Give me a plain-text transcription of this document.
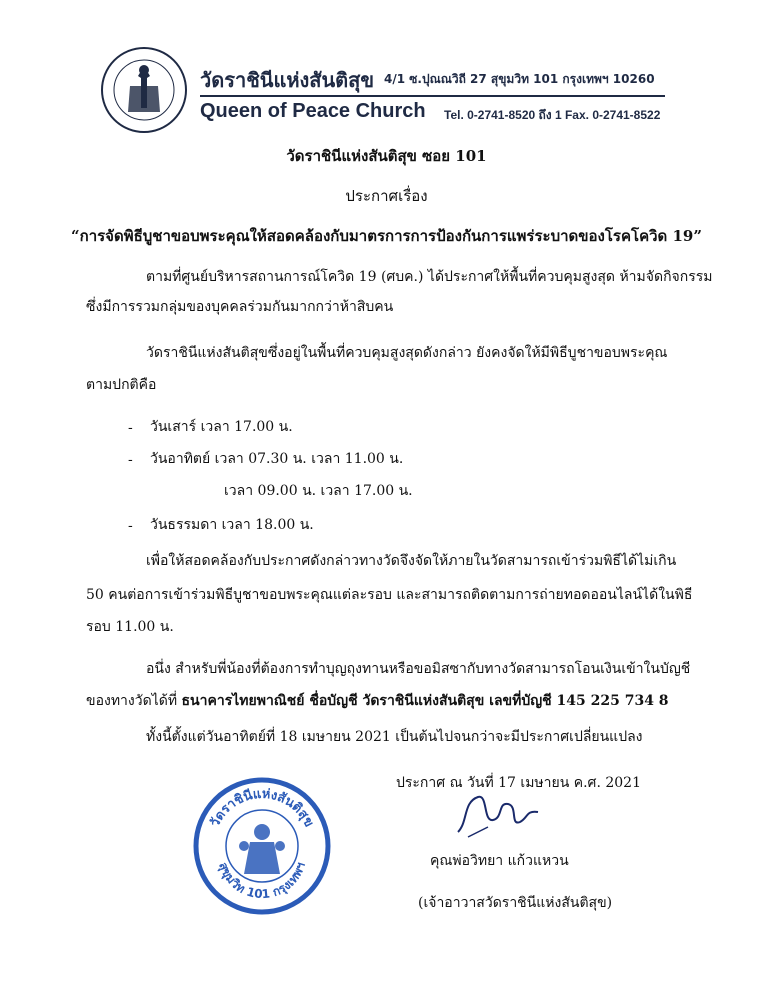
วัดราชินีแห่งสันติสุข 4/1 ซ.ปุณณวิถี 27 สุขุมวิท 101 กรุงเทพฯ 10260
Queen of Peace Church Tel. 0-2741-8520 ถึง 1 Fax. 0-2741-8522
วัดราชินีแห่งสันติสุข ซอย 101
ประกาศเรื่อง
“การจัดพิธีบูชาขอบพระคุณให้สอดคล้องกับมาตรการการป้องกันการแพร่ระบาดของโรคโควิด 19”
ตามที่ศูนย์บริหารสถานการณ์โควิด 19 (ศบค.) ได้ประกาศให้พื้นที่ควบคุมสูงสุด ห้ามจัดกิจกรรม
ซึ่งมีการรวมกลุ่มของบุคคลร่วมกันมากกว่าห้าสิบคน
วัดราชินีแห่งสันติสุขซึ่งอยู่ในพื้นที่ควบคุมสูงสุดดังกล่าว ยังคงจัดให้มีพิธีบูชาขอบพระคุณ
ตามปกติคือ
- วันเสาร์ เวลา 17.00 น.
- วันอาทิตย์ เวลา 07.30 น. เวลา 11.00 น.
เวลา 09.00 น. เวลา 17.00 น.
- วันธรรมดา เวลา 18.00 น.
เพื่อให้สอดคล้องกับประกาศดังกล่าวทางวัดจึงจัดให้ภายในวัดสามารถเข้าร่วมพิธีได้ไม่เกิน
50 คนต่อการเข้าร่วมพิธีบูชาขอบพระคุณแต่ละรอบ และสามารถติดตามการถ่ายทอดออนไลน์ได้ในพิธี
รอบ 11.00 น.
อนึ่ง สำหรับพี่น้องที่ต้องการทำบุญถุงทานหรือขอมิสซากับทางวัดสามารถโอนเงินเข้าในบัญชี
ของทางวัดได้ที่ ธนาคารไทยพาณิชย์ ชื่อบัญชี วัดราชินีแห่งสันติสุข เลขที่บัญชี 145 225 734 8
ทั้งนี้ตั้งแต่วันอาทิตย์ที่ 18 เมษายน 2021 เป็นต้นไปจนกว่าจะมีประกาศเปลี่ยนแปลง
ประกาศ ณ วันที่ 17 เมษายน ค.ศ. 2021
คุณพ่อวิทยา แก้วแหวน
(เจ้าอาวาสวัดราชินีแห่งสันติสุข)
วัดราชินีแห่งสันติสุข
สุขุมวิท 101 กรุงเทพฯ
